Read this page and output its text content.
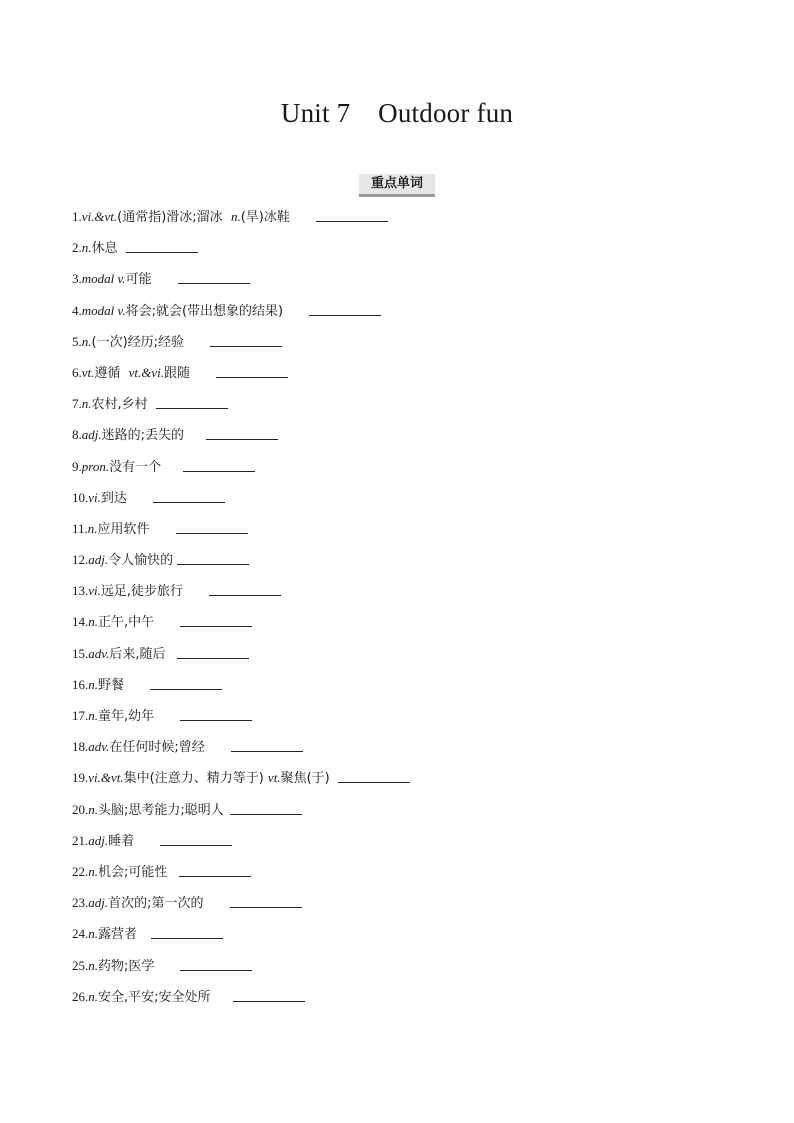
Unit 7    Outdoor fun
重点单词
1.vi.&vt.(通常指)滑冰;溜冰  n.(旱)冰鞋
2.n.休息
3.modal v.可能
4.modal v.将会;就会(带出想象的结果)
5.n.(一次)经历;经验
6.vt.遵循  vt.&vi.跟随
7.n.农村,乡村
8.adj.迷路的;丢失的
9.pron.没有一个
10.vi.到达
11.n.应用软件
12.adj.令人愉快的
13.vi.远足,徒步旅行
14.n.正午,中午
15.adv.后来,随后
16.n.野餐
17.n.童年,幼年
18.adv.在任何时候;曾经
19.vi.&vt.集中(注意力、精力等于) vt.聚焦(于)
20.n.头脑;思考能力;聪明人
21.adj.睡着
22.n.机会;可能性
23.adj.首次的;第一次的
24.n.露营者
25.n.药物;医学
26.n.安全,平安;安全处所
